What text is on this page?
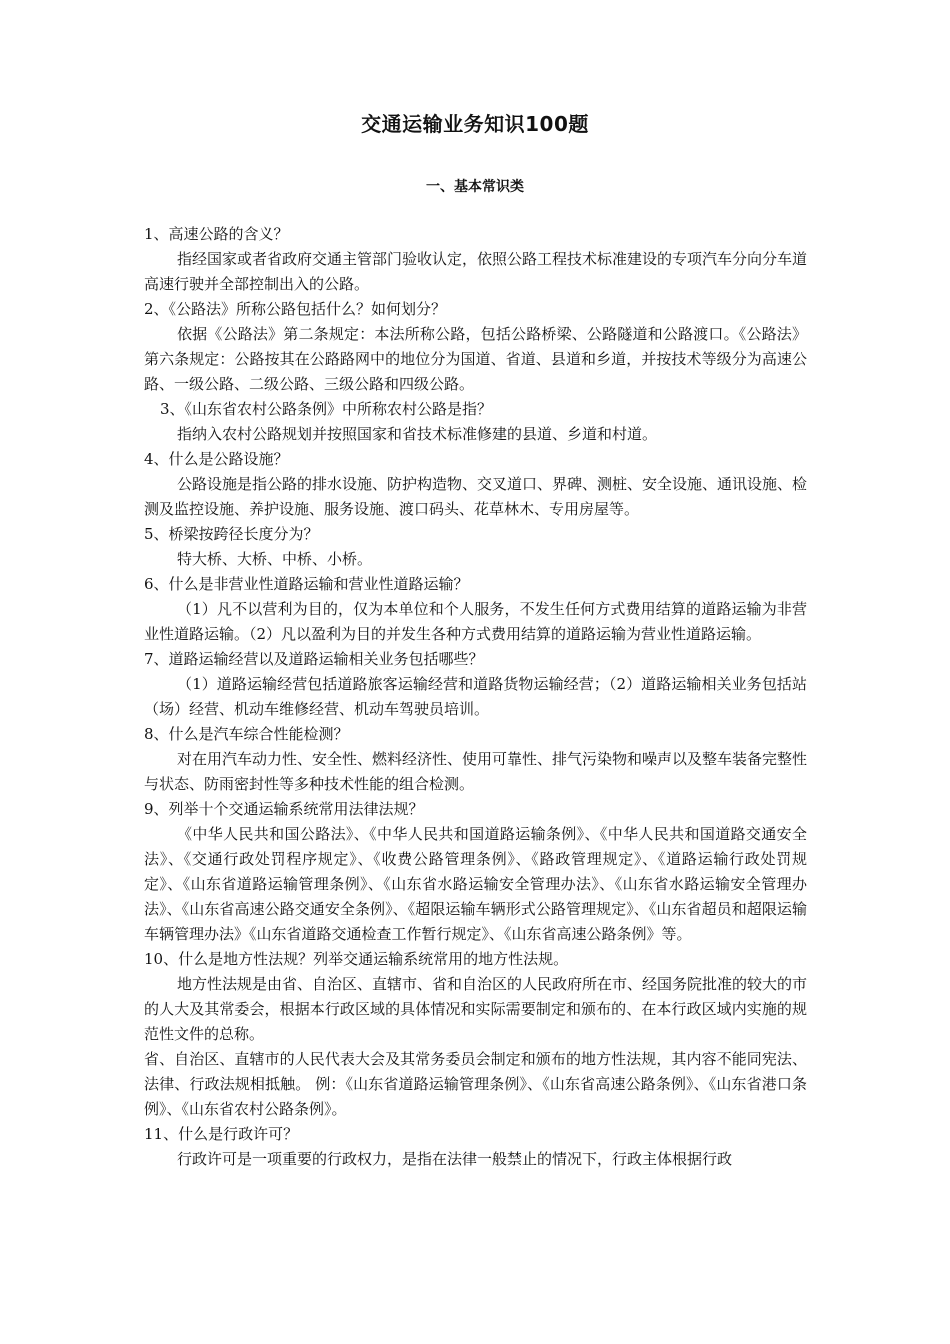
交通运输业务知识100题
一、基本常识类

1、高速公路的含义？

指经国家或者省政府交通主管部门验收认定，依照公路工程技术标准建设的专项汽车分向分车道高速行驶并全部控制出入的公路。

2、《公路法》所称公路包括什么？如何划分？

依据《公路法》第二条规定：本法所称公路，包括公路桥梁、公路隧道和公路渡口。《公路法》第六条规定：公路按其在公路路网中的地位分为国道、省道、县道和乡道，并按技术等级分为高速公路、一级公路、二级公路、三级公路和四级公路。

3、《山东省农村公路条例》中所称农村公路是指？

指纳入农村公路规划并按照国家和省技术标准修建的县道、乡道和村道。

4、什么是公路设施？

公路设施是指公路的排水设施、防护构造物、交叉道口、界碑、测桩、安全设施、通讯设施、检测及监控设施、养护设施、服务设施、渡口码头、花草林木、专用房屋等。

5、桥梁按跨径长度分为？

特大桥、大桥、中桥、小桥。

6、什么是非营业性道路运输和营业性道路运输？

（1）凡不以营利为目的，仅为本单位和个人服务，不发生任何方式费用结算的道路运输为非营业性道路运输。（2）凡以盈利为目的并发生各种方式费用结算的道路运输为营业性道路运输。

7、道路运输经营以及道路运输相关业务包括哪些？

（1）道路运输经营包括道路旅客运输经营和道路货物运输经营；（2）道路运输相关业务包括站（场）经营、机动车维修经营、机动车驾驶员培训。

8、什么是汽车综合性能检测？

对在用汽车动力性、安全性、燃料经济性、使用可靠性、排气污染物和噪声以及整车装备完整性与状态、防雨密封性等多种技术性能的组合检测。

9、列举十个交通运输系统常用法律法规？

《中华人民共和国公路法》、《中华人民共和国道路运输条例》、《中华人民共和国道路交通安全法》、《交通行政处罚程序规定》、《收费公路管理条例》、《路政管理规定》、《道路运输行政处罚规定》、《山东省道路运输管理条例》、《山东省水路运输安全管理办法》、《山东省水路运输安全管理办法》、《山东省高速公路交通安全条例》、《超限运输车辆形式公路管理规定》、《山东省超员和超限运输车辆管理办法》《山东省道路交通检查工作暂行规定》、《山东省高速公路条例》等。

10、什么是地方性法规？列举交通运输系统常用的地方性法规。

地方性法规是由省、自治区、直辖市、省和自治区的人民政府所在市、经国务院批准的较大的市的人大及其常委会，根据本行政区域的具体情况和实际需要制定和颁布的、在本行政区域内实施的规范性文件的总称。

省、自治区、直辖市的人民代表大会及其常务委员会制定和颁布的地方性法规，其内容不能同宪法、法律、行政法规相抵触。 例：《山东省道路运输管理条例》、《山东省高速公路条例》、《山东省港口条例》、《山东省农村公路条例》。

11、什么是行政许可？

行政许可是一项重要的行政权力，是指在法律一般禁止的情况下，行政主体根据行政
